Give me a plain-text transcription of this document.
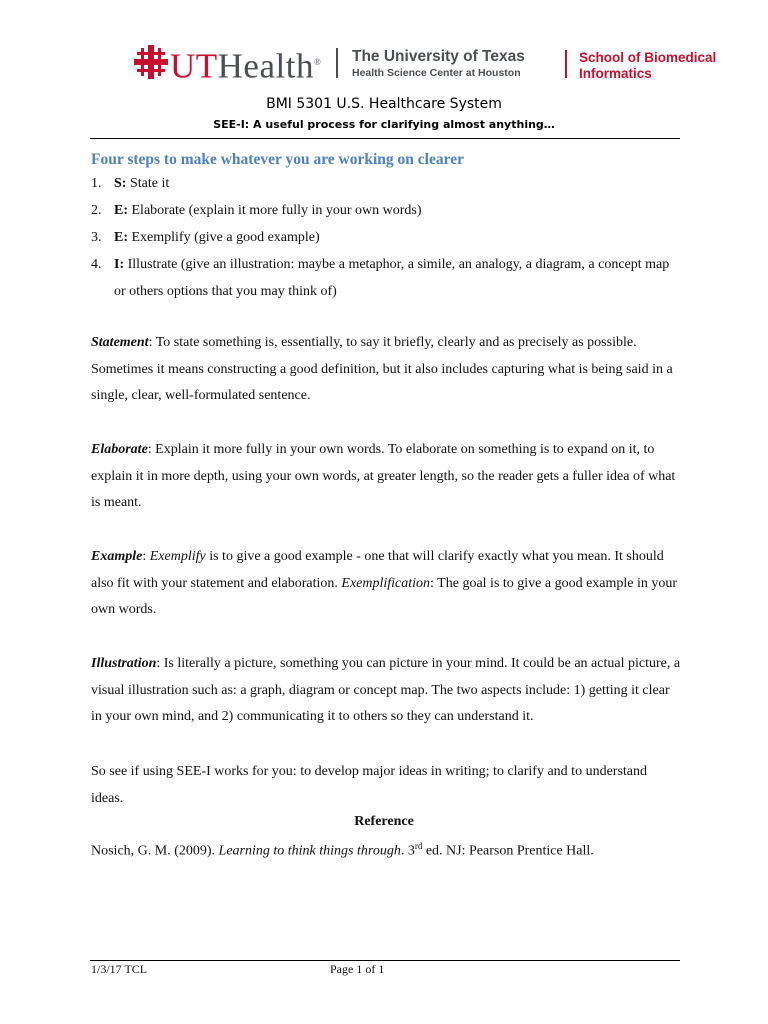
UTHealth® The University of Texas
Health Science Center at Houston
School of Biomedical
Informatics
BMI 5301 U.S. Healthcare System
SEE-I: A useful process for clarifying almost anything…
Four steps to make whatever you are working on clearer
1. S: State it
2. E: Elaborate (explain it more fully in your own words)
3. E: Exemplify (give a good example)
4. I: Illustrate (give an illustration: maybe a metaphor, a simile, an analogy, a diagram, a concept map or others options that you may think of)

Statement: To state something is, essentially, to say it briefly, clearly and as precisely as possible. Sometimes it means constructing a good definition, but it also includes capturing what is being said in a single, clear, well-formulated sentence.

Elaborate: Explain it more fully in your own words. To elaborate on something is to expand on it, to explain it in more depth, using your own words, at greater length, so the reader gets a fuller idea of what is meant.

Example: Exemplify is to give a good example - one that will clarify exactly what you mean. It should also fit with your statement and elaboration. Exemplification: The goal is to give a good example in your own words.

Illustration: Is literally a picture, something you can picture in your mind. It could be an actual picture, a visual illustration such as: a graph, diagram or concept map. The two aspects include: 1) getting it clear in your own mind, and 2) communicating it to others so they can understand it.

So see if using SEE-I works for you: to develop major ideas in writing; to clarify and to understand ideas.

Reference
Nosich, G. M. (2009). Learning to think things through. 3rd ed. NJ: Pearson Prentice Hall.
1/3/17 TCL	Page 1 of 1
